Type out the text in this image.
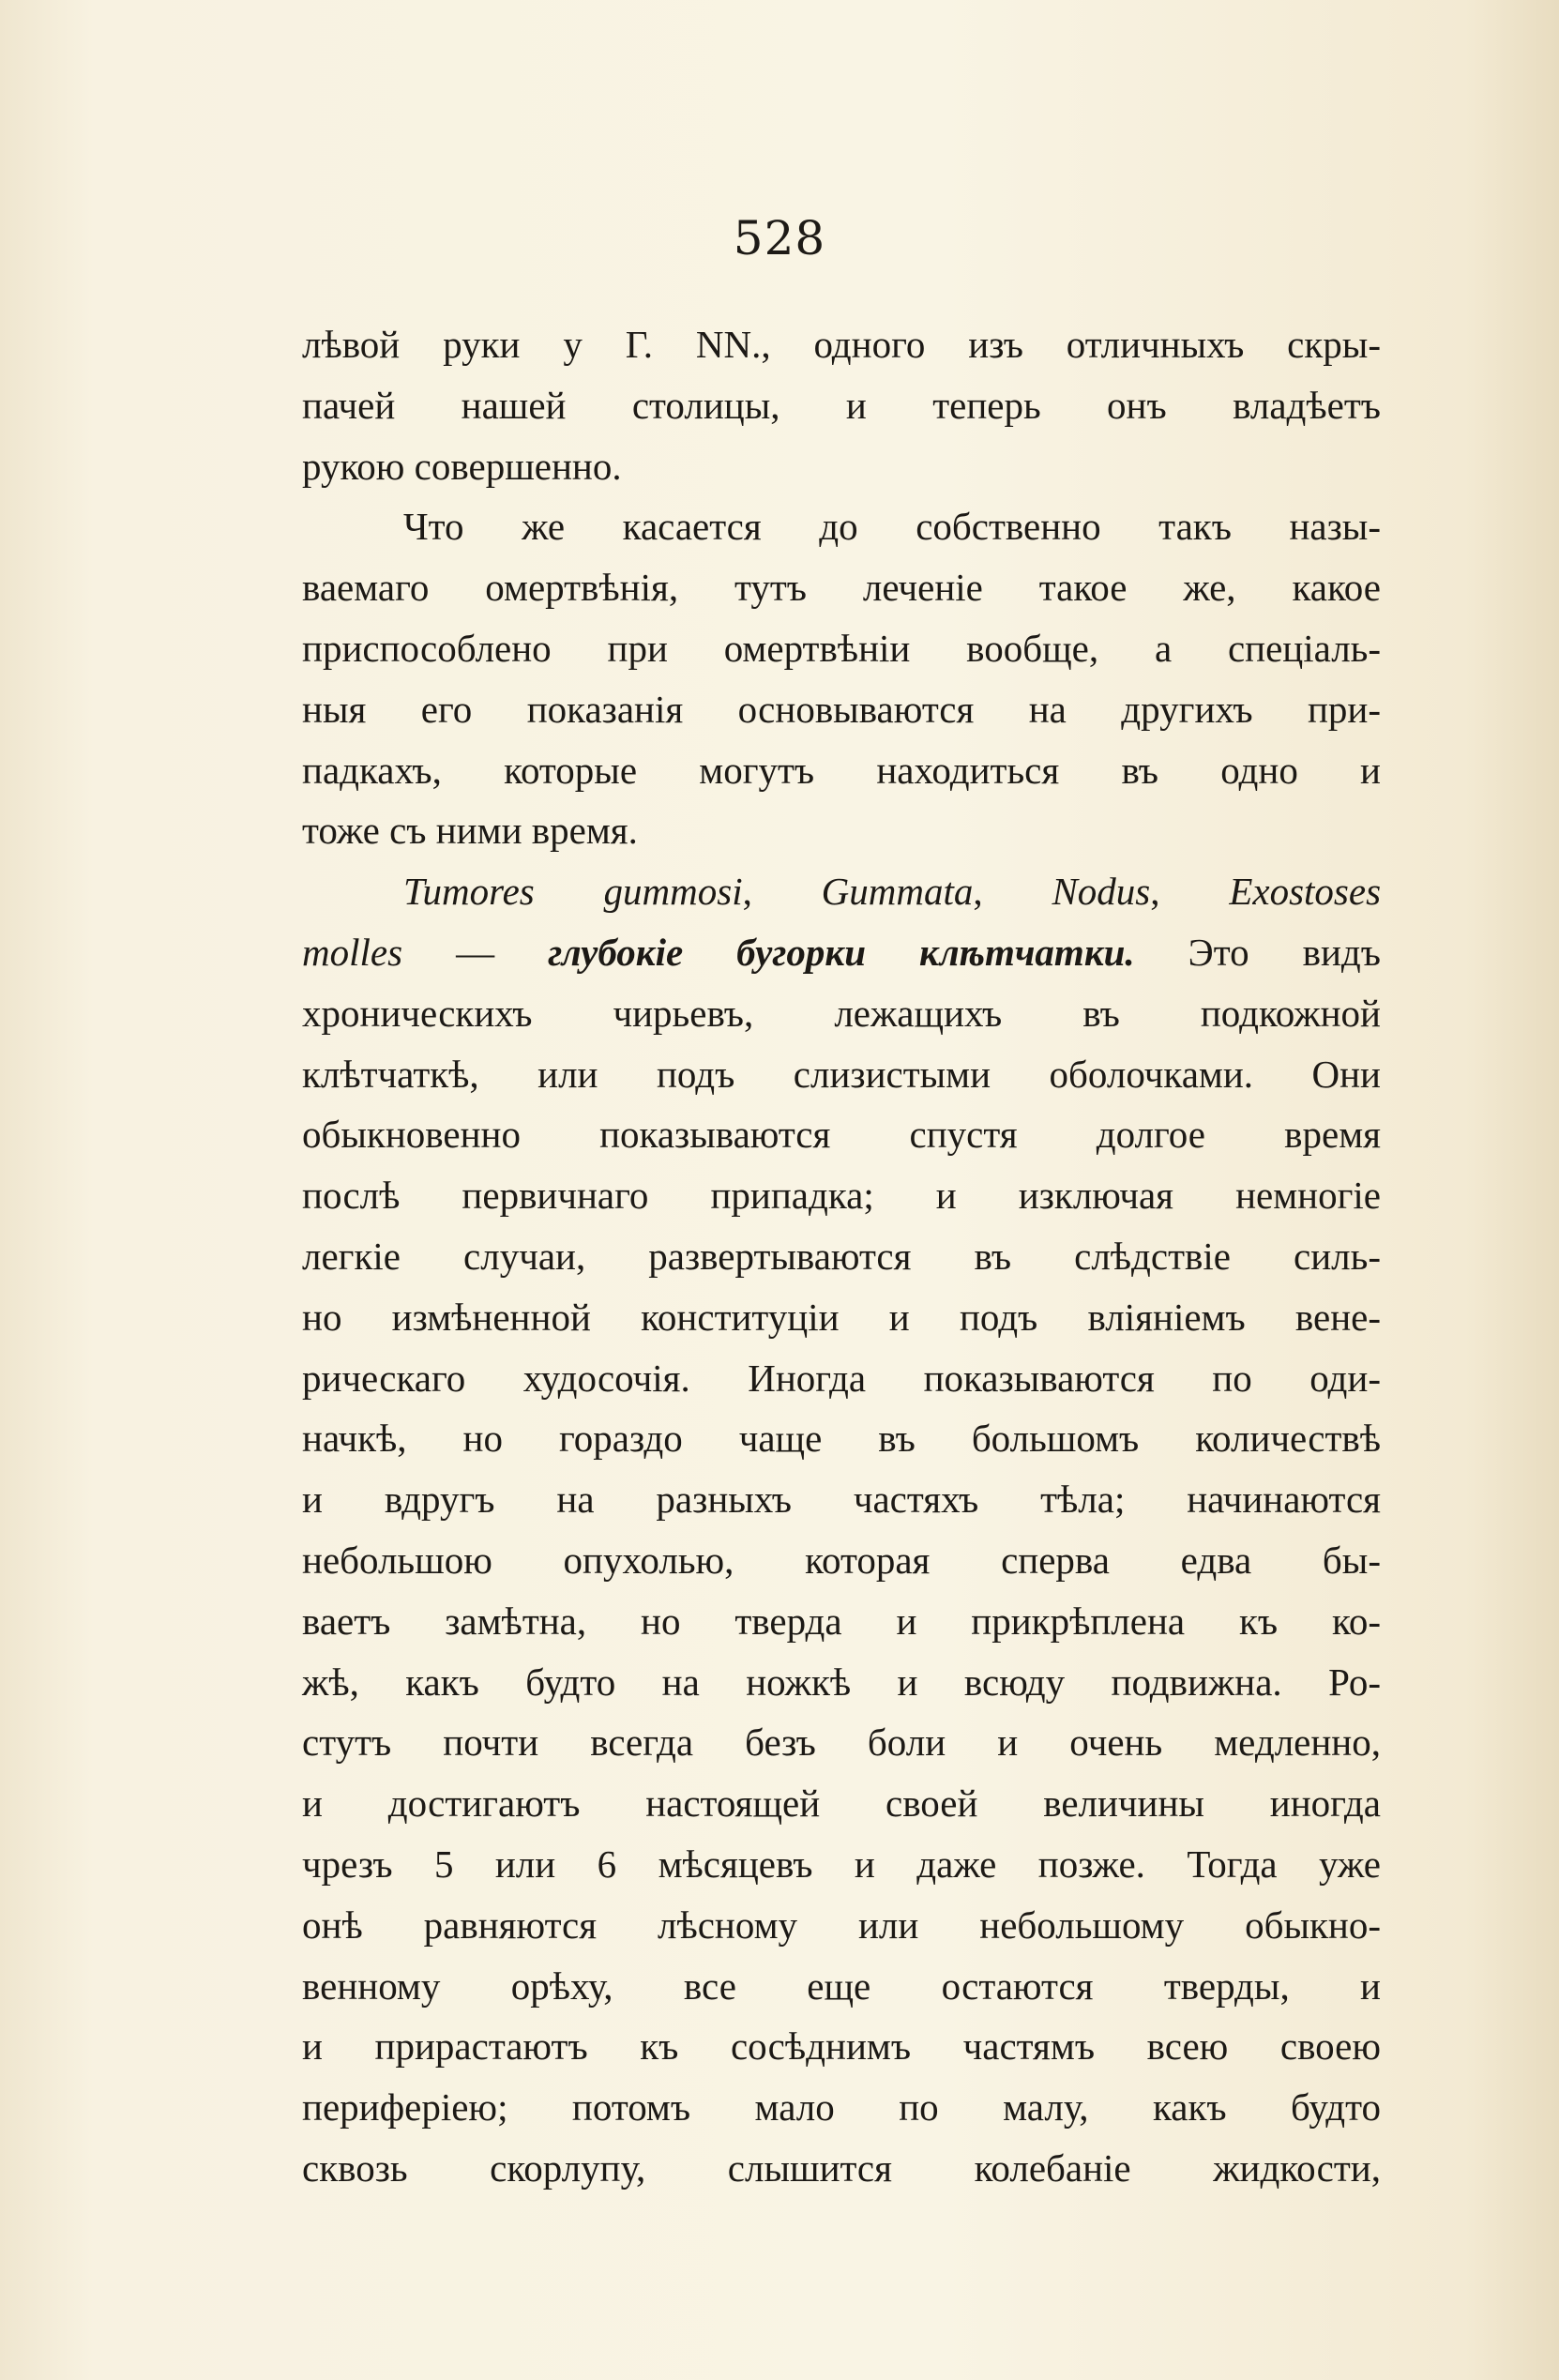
528

лѣвой руки у Г. NN., одного изъ отличныхъ скры-

пачей нашей столицы, и теперь онъ владѣетъ

рукою совершенно.

Что же касается до собственно такъ назы-

ваемаго омертвѣнія, тутъ леченіе такое же, какое

приспособлено при омертвѣніи вообще, а спеціаль-

ныя его показанія основываются на другихъ при-

падкахъ, которые могутъ находиться въ одно и

тоже съ ними время.

Tumores gummosi, Gummata, Nodus, Exostoses

molles — глубокіе бугорки клѣтчатки. Это видъ

хроническихъ чирьевъ, лежащихъ въ подкожной

клѣтчаткѣ, или подъ слизистыми оболочками. Они

обыкновенно показываются спустя долгое время

послѣ первичнаго припадка; и изключая немногіе

легкіе случаи, развертываются въ слѣдствіе силь-

но измѣненной конституціи и подъ вліяніемъ вене-

рическаго худосочія. Иногда показываются по оди-

начкѣ, но гораздо чаще въ большомъ количествѣ

и вдругъ на разныхъ частяхъ тѣла; начинаются

небольшою опухолью, которая сперва едва бы-

ваетъ замѣтна, но тверда и прикрѣплена къ ко-

жѣ, какъ будто на ножкѣ и всюду подвижна. Ро-

стутъ почти всегда безъ боли и очень медленно,

и достигаютъ настоящей своей величины иногда

чрезъ 5 или 6 мѣсяцевъ и даже позже. Тогда уже

онѣ равняются лѣсному или небольшому обыкно-

венному орѣху, все еще остаются тверды, и

и прирастаютъ къ сосѣднимъ частямъ всею своею

периферіею; потомъ мало по малу, какъ будто

сквозь скорлупу, слышится колебаніе жидкости,
